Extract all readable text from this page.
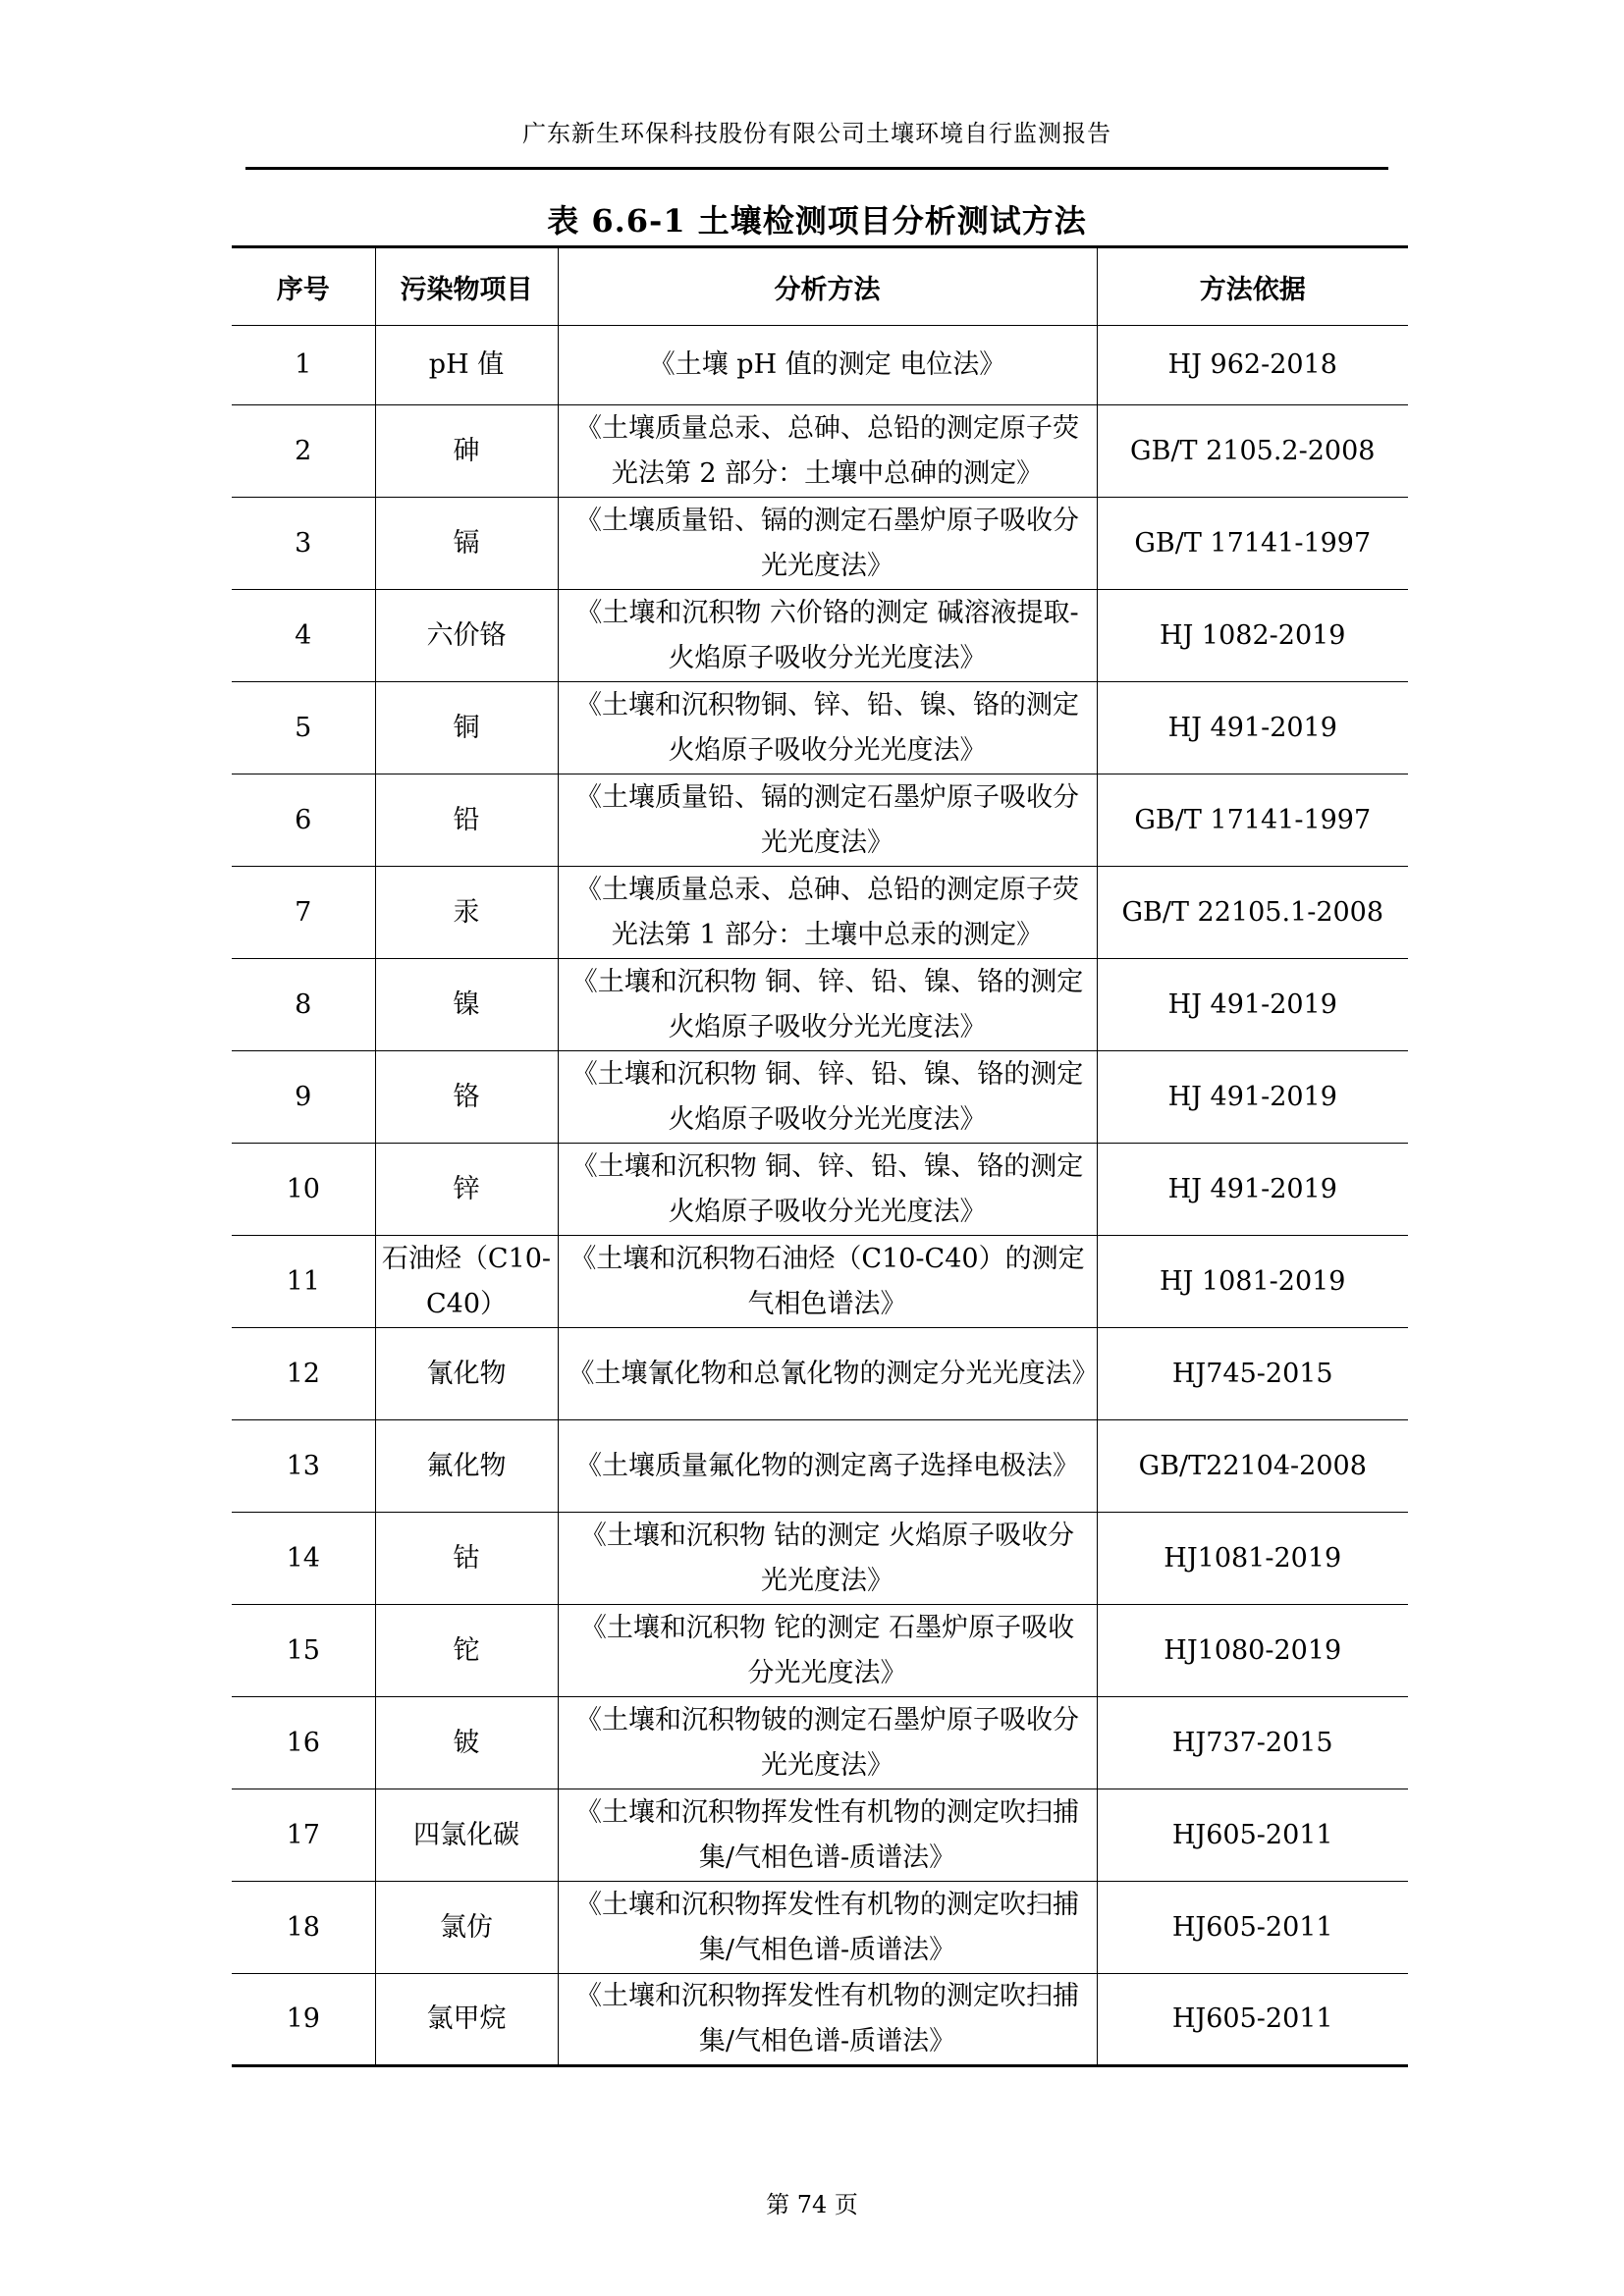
广东新生环保科技股份有限公司土壤环境自行监测报告
表 6.6-1 土壤检测项目分析测试方法
序号	污染物项目	分析方法	方法依据
1	pH 值	《土壤 pH 值的测定 电位法》	HJ 962-2018
2	砷	《土壤质量总汞、总砷、总铅的测定原子荧光法第 2 部分：土壤中总砷的测定》	GB/T 2105.2-2008
3	镉	《土壤质量铅、镉的测定石墨炉原子吸收分光光度法》	GB/T 17141-1997
4	六价铬	《土壤和沉积物 六价铬的测定 碱溶液提取-火焰原子吸收分光光度法》	HJ 1082-2019
5	铜	《土壤和沉积物铜、锌、铅、镍、铬的测定火焰原子吸收分光光度法》	HJ 491-2019
6	铅	《土壤质量铅、镉的测定石墨炉原子吸收分光光度法》	GB/T 17141-1997
7	汞	《土壤质量总汞、总砷、总铅的测定原子荧光法第 1 部分：土壤中总汞的测定》	GB/T 22105.1-2008
8	镍	《土壤和沉积物 铜、锌、铅、镍、铬的测定 火焰原子吸收分光光度法》	HJ 491-2019
9	铬	《土壤和沉积物 铜、锌、铅、镍、铬的测定 火焰原子吸收分光光度法》	HJ 491-2019
10	锌	《土壤和沉积物 铜、锌、铅、镍、铬的测定 火焰原子吸收分光光度法》	HJ 491-2019
11	石油烃（C10-C40）	《土壤和沉积物石油烃（C10-C40）的测定气相色谱法》	HJ 1081-2019
12	氰化物	《土壤氰化物和总氰化物的测定分光光度法》	HJ745-2015
13	氟化物	《土壤质量氟化物的测定离子选择电极法》	GB/T22104-2008
14	钴	《土壤和沉积物 钴的测定 火焰原子吸收分光光度法》	HJ1081-2019
15	铊	《土壤和沉积物 铊的测定 石墨炉原子吸收分光光度法》	HJ1080-2019
16	铍	《土壤和沉积物铍的测定石墨炉原子吸收分光光度法》	HJ737-2015
17	四氯化碳	《土壤和沉积物挥发性有机物的测定吹扫捕集/气相色谱-质谱法》	HJ605-2011
18	氯仿	《土壤和沉积物挥发性有机物的测定吹扫捕集/气相色谱-质谱法》	HJ605-2011
19	氯甲烷	《土壤和沉积物挥发性有机物的测定吹扫捕集/气相色谱-质谱法》	HJ605-2011
第 74 页
